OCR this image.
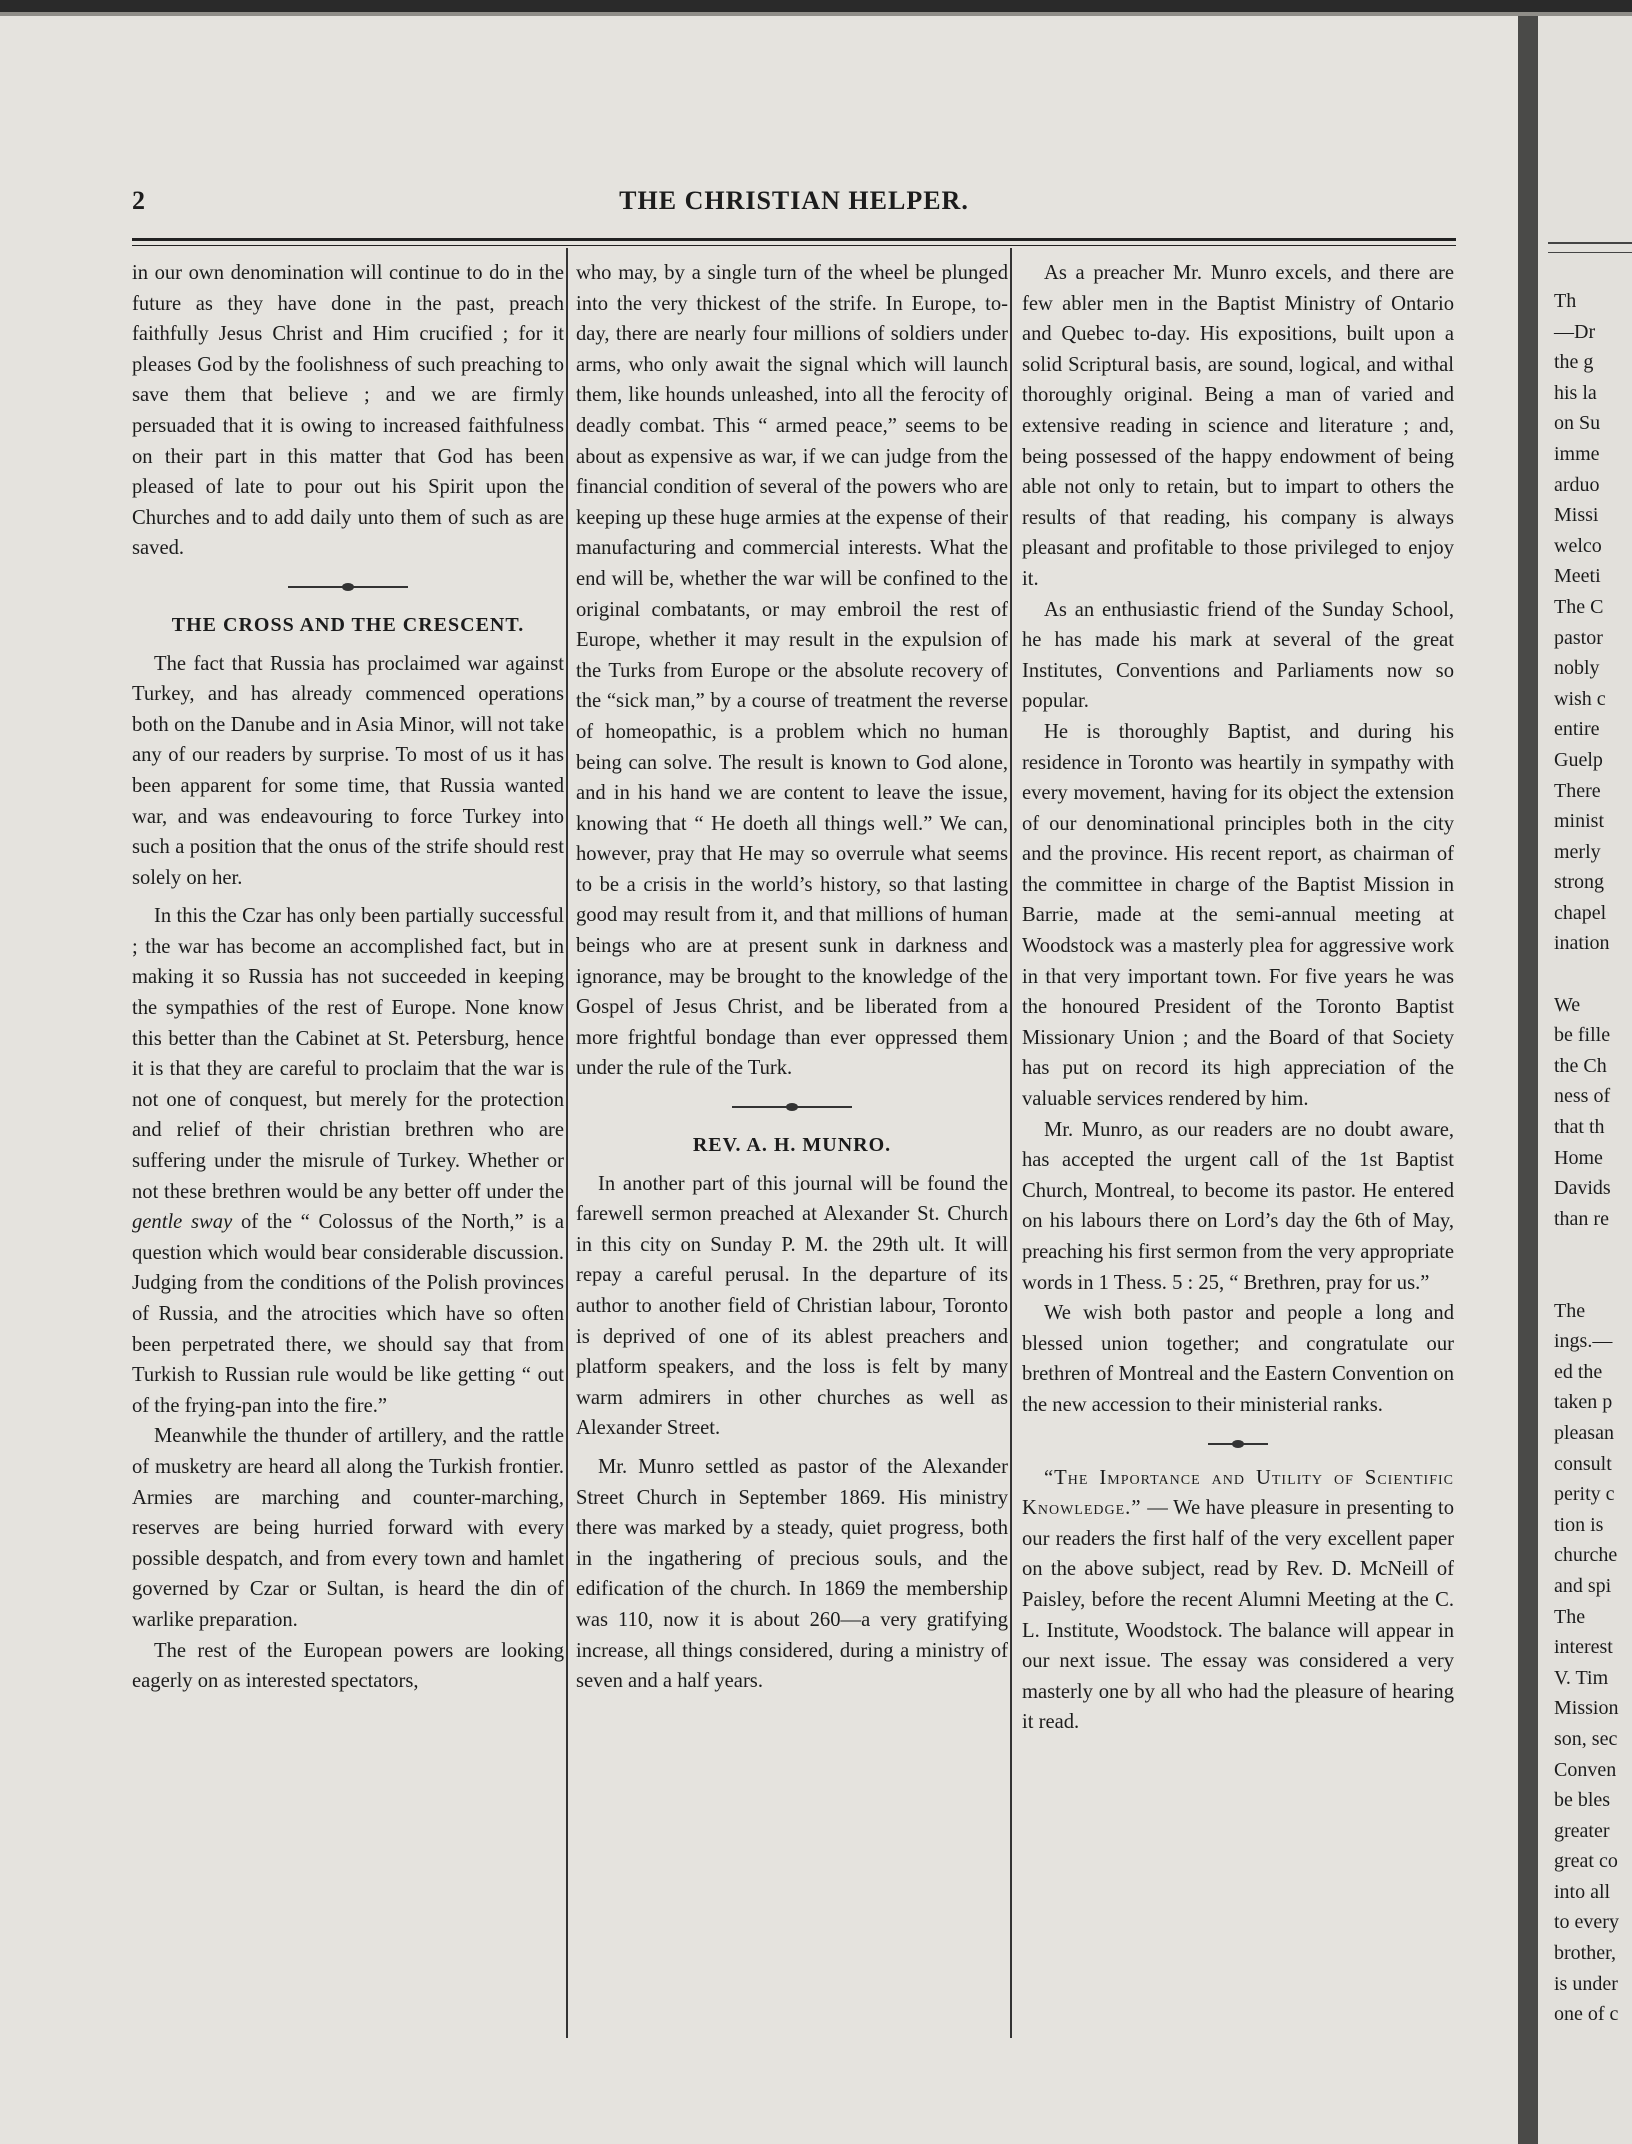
THE CHRISTIAN HELPER.
2

in our own denomination will continue to do in the future as they have done in the past, preach faithfully Jesus Christ and Him crucified ; for it pleases God by the foolishness of such preaching to save them that believe ; and we are firmly persuaded that it is owing to increased faithfulness on their part in this matter that God has been pleased of late to pour out his Spirit upon the Churches and to add daily unto them of such as are saved.

THE CROSS AND THE CRESCENT.

The fact that Russia has proclaimed war against Turkey, and has already commenced operations both on the Danube and in Asia Minor, will not take any of our readers by surprise. To most of us it has been apparent for some time, that Russia wanted war, and was endeavouring to force Turkey into such a position that the onus of the strife should rest solely on her.

In this the Czar has only been partially successful ; the war has become an accomplished fact, but in making it so Russia has not succeeded in keeping the sympathies of the rest of Europe. None know this better than the Cabinet at St. Petersburg, hence it is that they are careful to proclaim that the war is not one of conquest, but merely for the protection and relief of their christian brethren who are suffering under the misrule of Turkey. Whether or not these brethren would be any better off under the gentle sway of the “ Colossus of the North,” is a question which would bear considerable discussion. Judging from the conditions of the Polish provinces of Russia, and the atrocities which have so often been perpetrated there, we should say that from Turkish to Russian rule would be like getting “ out of the frying-pan into the fire.”

Meanwhile the thunder of artillery, and the rattle of musketry are heard all along the Turkish frontier. Armies are marching and counter-marching, reserves are being hurried forward with every possible despatch, and from every town and hamlet governed by Czar or Sultan, is heard the din of warlike preparation.

The rest of the European powers are looking eagerly on as interested spectators,

who may, by a single turn of the wheel be plunged into the very thickest of the strife. In Europe, to-day, there are nearly four millions of soldiers under arms, who only await the signal which will launch them, like hounds unleashed, into all the ferocity of deadly combat. This “ armed peace,” seems to be about as expensive as war, if we can judge from the financial condition of several of the powers who are keeping up these huge armies at the expense of their manufacturing and commercial interests. What the end will be, whether the war will be confined to the original combatants, or may embroil the rest of Europe, whether it may result in the expulsion of the Turks from Europe or the absolute recovery of the “sick man,” by a course of treatment the reverse of homeopathic, is a problem which no human being can solve. The result is known to God alone, and in his hand we are content to leave the issue, knowing that “ He doeth all things well.” We can, however, pray that He may so overrule what seems to be a crisis in the world’s history, so that lasting good may result from it, and that millions of human beings who are at present sunk in darkness and ignorance, may be brought to the knowledge of the Gospel of Jesus Christ, and be liberated from a more frightful bondage than ever oppressed them under the rule of the Turk.

REV. A. H. MUNRO.

In another part of this journal will be found the farewell sermon preached at Alexander St. Church in this city on Sunday P. M. the 29th ult. It will repay a careful perusal. In the departure of its author to another field of Christian labour, Toronto is deprived of one of its ablest preachers and platform speakers, and the loss is felt by many warm admirers in other churches as well as Alexander Street.

Mr. Munro settled as pastor of the Alexander Street Church in September 1869. His ministry there was marked by a steady, quiet progress, both in the ingathering of precious souls, and the edification of the church. In 1869 the membership was 110, now it is about 260—a very gratifying increase, all things considered, during a ministry of seven and a half years.

As a preacher Mr. Munro excels, and there are few abler men in the Baptist Ministry of Ontario and Quebec to-day. His expositions, built upon a solid Scriptural basis, are sound, logical, and withal thoroughly original. Being a man of varied and extensive reading in science and literature ; and, being possessed of the happy endowment of being able not only to retain, but to impart to others the results of that reading, his company is always pleasant and profitable to those privileged to enjoy it.

As an enthusiastic friend of the Sunday School, he has made his mark at several of the great Institutes, Conventions and Parliaments now so popular.

He is thoroughly Baptist, and during his residence in Toronto was heartily in sympathy with every movement, having for its object the extension of our denominational principles both in the city and the province. His recent report, as chairman of the committee in charge of the Baptist Mission in Barrie, made at the semi-annual meeting at Woodstock was a masterly plea for aggressive work in that very important town. For five years he was the honoured President of the Toronto Baptist Missionary Union ; and the Board of that Society has put on record its high appreciation of the valuable services rendered by him.

Mr. Munro, as our readers are no doubt aware, has accepted the urgent call of the 1st Baptist Church, Montreal, to become its pastor. He entered on his labours there on Lord’s day the 6th of May, preaching his first sermon from the very appropriate words in 1 Thess. 5 : 25, “ Brethren, pray for us.”

We wish both pastor and people a long and blessed union together; and congratulate our brethren of Montreal and the Eastern Convention on the new accession to their ministerial ranks.

“The Importance and Utility of Scientific Knowledge.” — We have pleasure in presenting to our readers the first half of the very excellent paper on the above subject, read by Rev. D. McNeill of Paisley, before the recent Alumni Meeting at the C. L. Institute, Woodstock. The balance will appear in our next issue. The essay was considered a very masterly one by all who had the pleasure of hearing it read.

Th
—Dr
the g
his la
on Su
imme
arduo
Missi
welco
Meeti
The C
pastor
nobly
wish c
entire
Guelp
There
minist
merly
strong
chapel
ination

We
be fille
the Ch
ness of
that th
Home
Davids
than re

The
ings.—
ed the
taken p
pleasan
consult
perity c
tion is
churche
and spi
The
interest
V. Tim
Mission
son, sec
Conven
be bles
greater
great co
into all
to every
brother,
is under
one of c
